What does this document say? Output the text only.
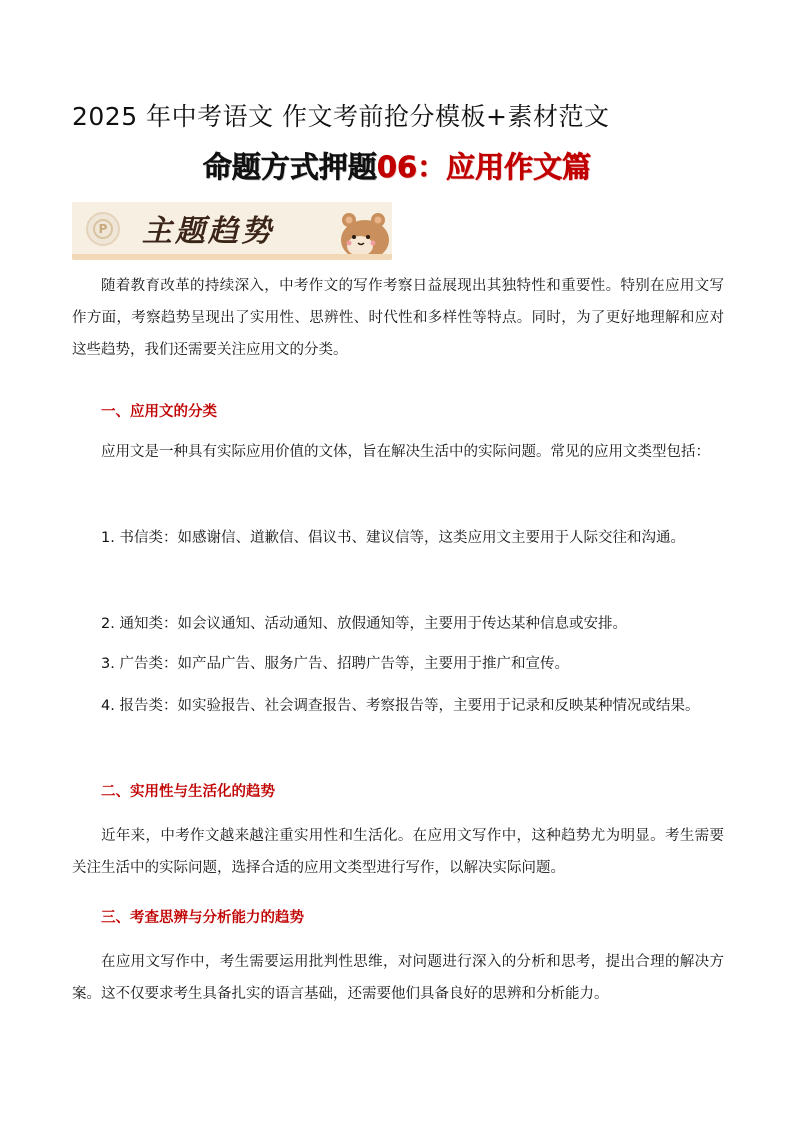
2025 年中考语文 作文考前抢分模板+素材范文
命题方式押题06：应用作文篇
P 主题趋势
随着教育改革的持续深入，中考作文的写作考察日益展现出其独特性和重要性。特别在应用文写作方面，考察趋势呈现出了实用性、思辨性、时代性和多样性等特点。同时，为了更好地理解和应对这些趋势，我们还需要关注应用文的分类。
一、应用文的分类
应用文是一种具有实际应用价值的文体，旨在解决生活中的实际问题。常见的应用文类型包括：
1. 书信类：如感谢信、道歉信、倡议书、建议信等，这类应用文主要用于人际交往和沟通。
2. 通知类：如会议通知、活动通知、放假通知等，主要用于传达某种信息或安排。
3. 广告类：如产品广告、服务广告、招聘广告等，主要用于推广和宣传。
4. 报告类：如实验报告、社会调查报告、考察报告等，主要用于记录和反映某种情况或结果。
二、实用性与生活化的趋势
近年来，中考作文越来越注重实用性和生活化。在应用文写作中，这种趋势尤为明显。考生需要关注生活中的实际问题，选择合适的应用文类型进行写作，以解决实际问题。
三、考查思辨与分析能力的趋势
在应用文写作中，考生需要运用批判性思维，对问题进行深入的分析和思考，提出合理的解决方案。这不仅要求考生具备扎实的语言基础，还需要他们具备良好的思辨和分析能力。
